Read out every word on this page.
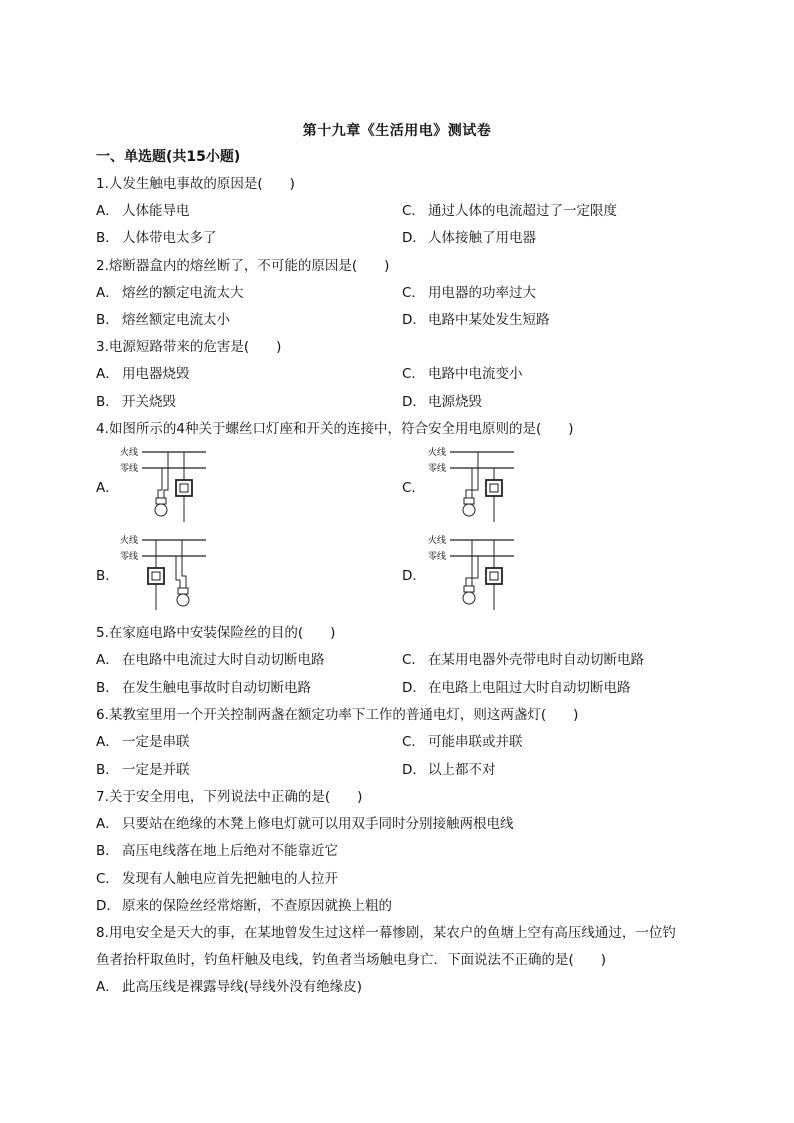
第十九章《生活用电》测试卷
一、单选题(共15小题)
1.人发生触电事故的原因是(　　)
A． 人体能导电	C． 通过人体的电流超过了一定限度
B． 人体带电太多了	D． 人体接触了用电器
2.熔断器盒内的熔丝断了，不可能的原因是(　　)
A． 熔丝的额定电流太大	C． 用电器的功率过大
B． 熔丝额定电流太小	D． 电路中某处发生短路
3.电源短路带来的危害是(　　)
A． 用电器烧毁	C． 电路中电流变小
B． 开关烧毁	D． 电源烧毁
4.如图所示的4种关于螺丝口灯座和开关的连接中，符合安全用电原则的是(　　)
A．	C．
B．	D．
火线
零线
火线
零线
火线
零线
火线
零线
5.在家庭电路中安装保险丝的目的(　　)
A． 在电路中电流过大时自动切断电路	C． 在某用电器外壳带电时自动切断电路
B． 在发生触电事故时自动切断电路	D． 在电路上电阻过大时自动切断电路
6.某教室里用一个开关控制两盏在额定功率下工作的普通电灯，则这两盏灯(　　)
A． 一定是串联	C． 可能串联或并联
B． 一定是并联	D． 以上都不对
7.关于安全用电，下列说法中正确的是(　　)
A． 只要站在绝缘的木凳上修电灯就可以用双手同时分别接触两根电线
B． 高压电线落在地上后绝对不能靠近它
C． 发现有人触电应首先把触电的人拉开
D． 原来的保险丝经常熔断，不查原因就换上粗的
8.用电安全是天大的事，在某地曾发生过这样一幕惨剧，某农户的鱼塘上空有高压线通过，一位钓
鱼者抬杆取鱼时，钓鱼杆触及电线，钓鱼者当场触电身亡．下面说法不正确的是(　　)
A． 此高压线是裸露导线(导线外没有绝缘皮)
